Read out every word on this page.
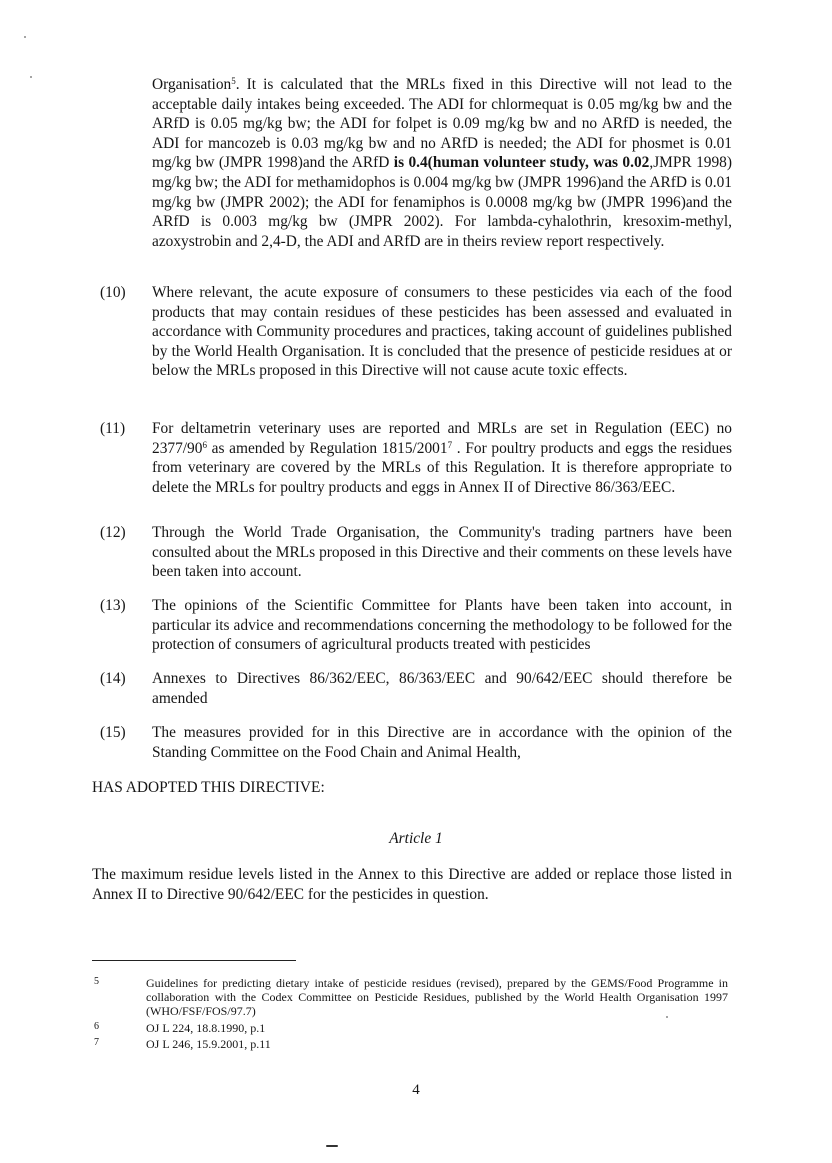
Organisation$^5$. It is calculated that the MRLs fixed in this Directive will not lead to the acceptable daily intakes being exceeded. The ADI for chlormequat is 0.05 mg/kg bw and the ARfD is 0.05 mg/kg bw; the ADI for folpet is 0.09 mg/kg bw and no ARfD is needed, the ADI for mancozeb is 0.03 mg/kg bw and no ARfD is needed; the ADI for phosmet is 0.01 mg/kg bw (JMPR 1998)and the ARfD is 0.4(human volunteer study, was 0.02,JMPR 1998) mg/kg bw; the ADI for methamidophos is 0.004 mg/kg bw (JMPR 1996)and the ARfD is 0.01 mg/kg bw (JMPR 2002); the ADI for fenamiphos is 0.0008 mg/kg bw (JMPR 1996)and the ARfD is 0.003 mg/kg bw (JMPR 2002). For lambda-cyhalothrin, kresoxim-methyl, azoxystrobin and 2,4-D, the ADI and ARfD are in theirs review report respectively.

(10) Where relevant, the acute exposure of consumers to these pesticides via each of the food products that may contain residues of these pesticides has been assessed and evaluated in accordance with Community procedures and practices, taking account of guidelines published by the World Health Organisation. It is concluded that the presence of pesticide residues at or below the MRLs proposed in this Directive will not cause acute toxic effects.

(11) For deltametrin veterinary uses are reported and MRLs are set in Regulation (EEC) no $2377/90^6$ as amended by Regulation 1815/2001$^7$ . For poultry products and eggs the residues from veterinary are covered by the MRLs of this Regulation. It is therefore appropriate to delete the MRLs for poultry products and eggs in Annex II of Directive 86/363/EEC.

(12) Through the World Trade Organisation, the Community's trading partners have been consulted about the MRLs proposed in this Directive and their comments on these levels have been taken into account.

(13) The opinions of the Scientific Committee for Plants have been taken into account, in particular its advice and recommendations concerning the methodology to be followed for the protection of consumers of agricultural products treated with pesticides

(14) Annexes to Directives 86/362/EEC, 86/363/EEC and 90/642/EEC should therefore be amended

(15) The measures provided for in this Directive are in accordance with the opinion of the Standing Committee on the Food Chain and Animal Health,

HAS ADOPTED THIS DIRECTIVE:

Article 1

The maximum residue levels listed in the Annex to this Directive are added or replace those listed in Annex II to Directive 90/642/EEC for the pesticides in question.

5	Guidelines for predicting dietary intake of pesticide residues (revised), prepared by the GEMS/Food Programme in collaboration with the Codex Committee on Pesticide Residues, published by the World Health Organisation 1997 (WHO/FSF/FOS/97.7)

6	OJ L 224, 18.8.1990, p.1

7	OJ L 246, 15.9.2001, p.11

4
